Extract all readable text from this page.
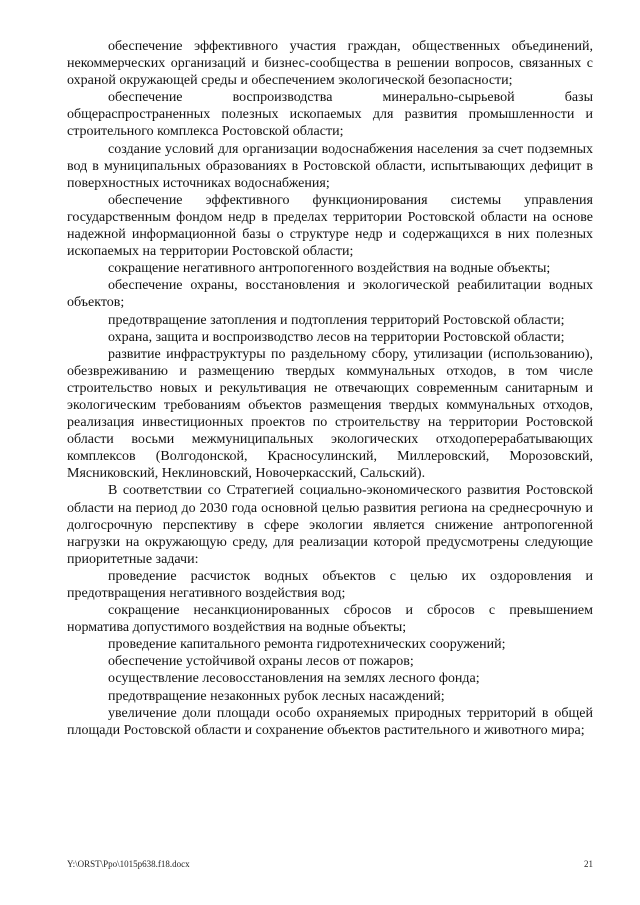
обеспечение эффективного участия граждан, общественных объединений, некоммерческих организаций и бизнес-сообщества в решении вопросов, связанных с охраной окружающей среды и обеспечением экологической безопасности;

обеспечение воспроизводства минерально-сырьевой базы общераспространенных полезных ископаемых для развития промышленности и строительного комплекса Ростовской области;

создание условий для организации водоснабжения населения за счет подземных вод в муниципальных образованиях в Ростовской области, испытывающих дефицит в поверхностных источниках водоснабжения;

обеспечение эффективного функционирования системы управления государственным фондом недр в пределах территории Ростовской области на основе надежной информационной базы о структуре недр и содержащихся в них полезных ископаемых на территории Ростовской области;

сокращение негативного антропогенного воздействия на водные объекты;

обеспечение охраны, восстановления и экологической реабилитации водных объектов;

предотвращение затопления и подтопления территорий Ростовской области;

охрана, защита и воспроизводство лесов на территории Ростовской области;

развитие инфраструктуры по раздельному сбору, утилизации (использованию), обезвреживанию и размещению твердых коммунальных отходов, в том числе строительство новых и рекультивация не отвечающих современным санитарным и экологическим требованиям объектов размещения твердых коммунальных отходов, реализация инвестиционных проектов по строительству на территории Ростовской области восьми межмуниципальных экологических отходоперерабатывающих комплексов (Волгодонской, Красносулинский, Миллеровский, Морозовский, Мясниковский, Неклиновский, Новочеркасский, Сальский).

В соответствии со Стратегией социально-экономического развития Ростовской области на период до 2030 года основной целью развития региона на среднесрочную и долгосрочную перспективу в сфере экологии является снижение антропогенной нагрузки на окружающую среду, для реализации которой предусмотрены следующие приоритетные задачи:

проведение расчисток водных объектов с целью их оздоровления и предотвращения негативного воздействия вод;

сокращение несанкционированных сбросов и сбросов с превышением норматива допустимого воздействия на водные объекты;

проведение капитального ремонта гидротехнических сооружений;

обеспечение устойчивой охраны лесов от пожаров;

осуществление лесовосстановления на землях лесного фонда;

предотвращение незаконных рубок лесных насаждений;

увеличение доли площади особо охраняемых природных территорий в общей площади Ростовской области и сохранение объектов растительного и животного мира;

Y:\ORST\Ppo\1015p638.f18.docx	21
